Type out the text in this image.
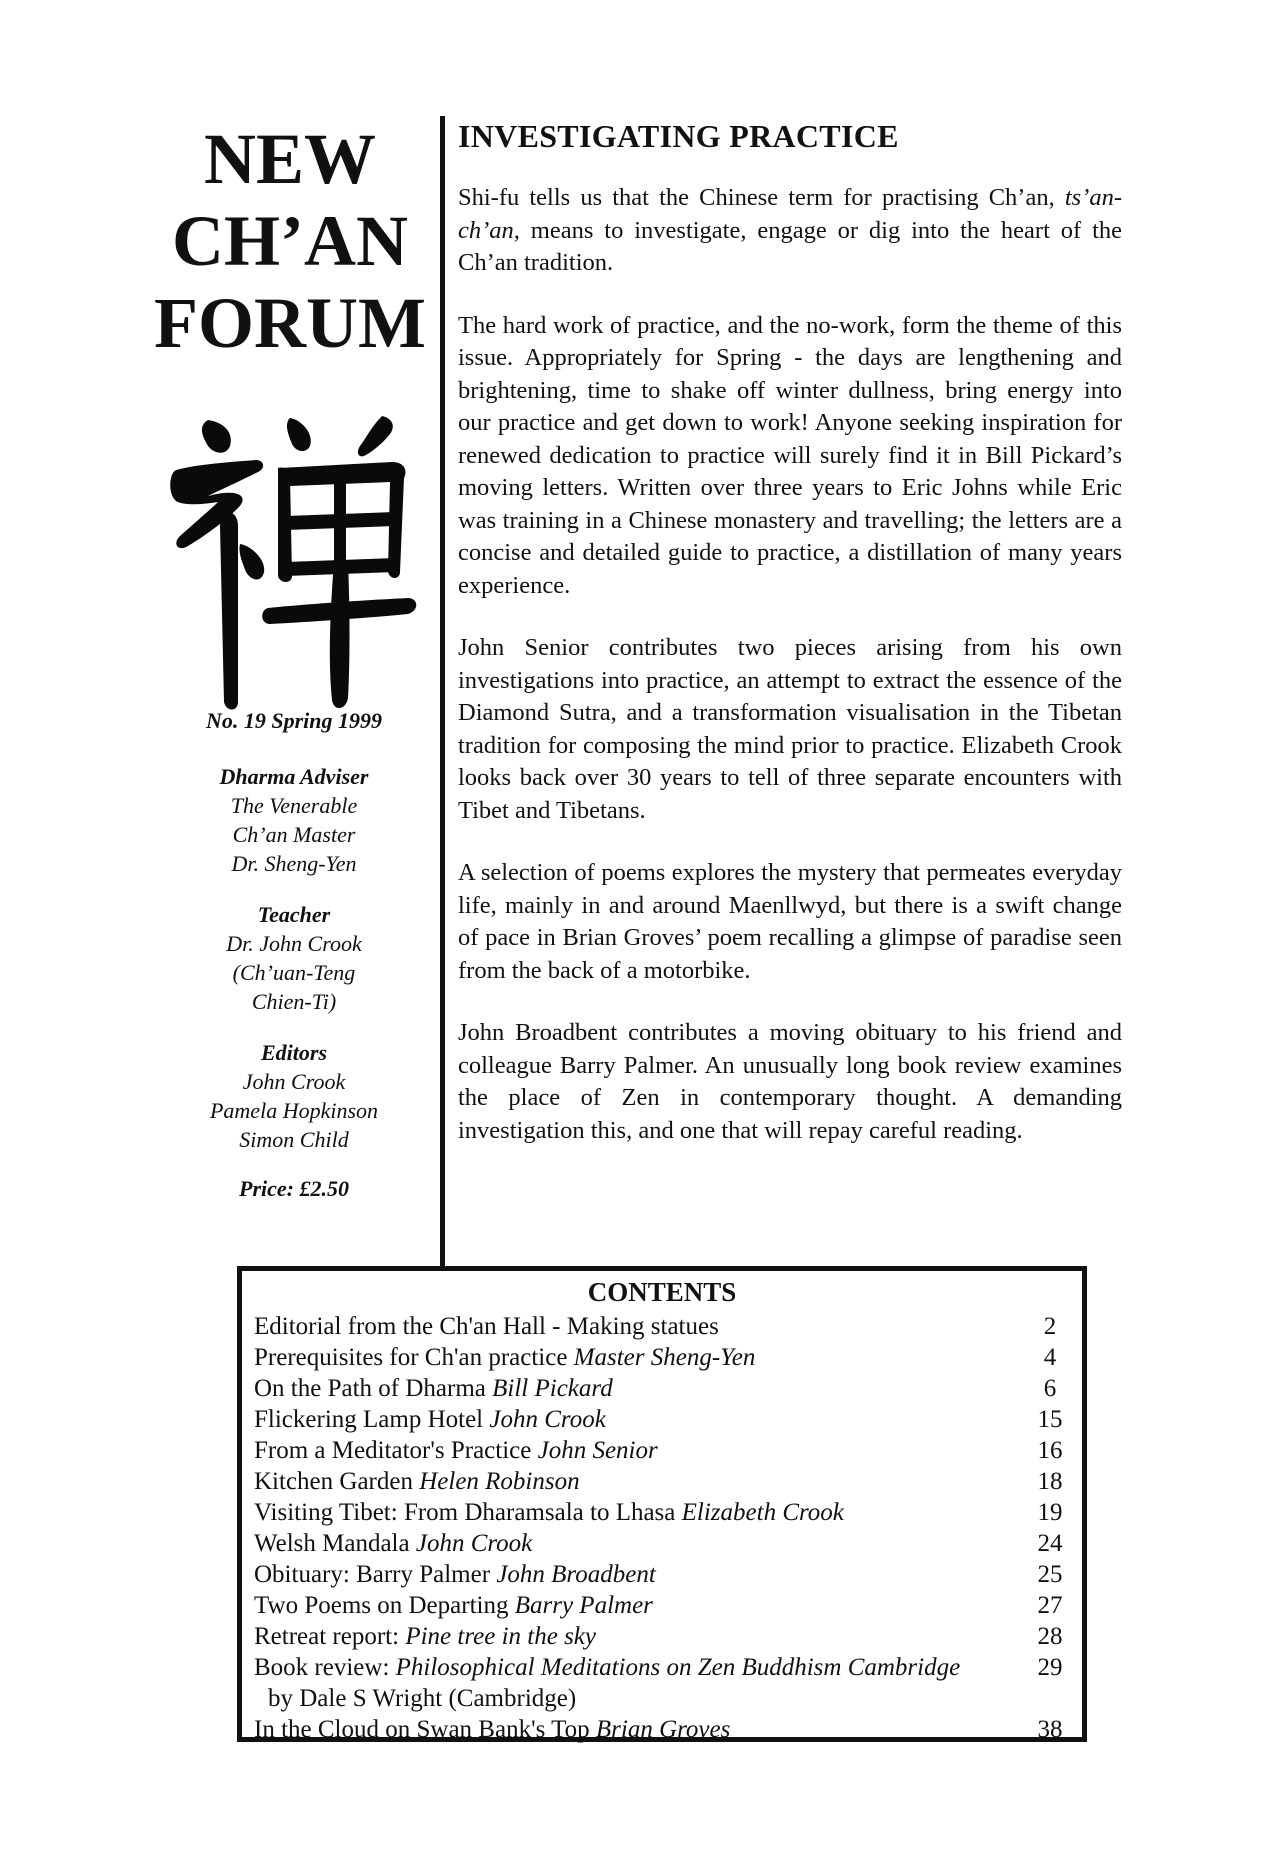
NEW
CH’AN
FORUM
No. 19 Spring 1999
Dharma Adviser
The Venerable
Ch’an Master
Dr. Sheng-Yen
Teacher
Dr. John Crook
(Ch’uan-Teng
Chien-Ti)
Editors
John Crook
Pamela Hopkinson
Simon Child
Price: £2.50
INVESTIGATING PRACTICE

Shi-fu tells us that the Chinese term for practising Ch’an, ts’an-ch’an, means to investigate, engage or dig into the heart of the Ch’an tradition.

The hard work of practice, and the no-work, form the theme of this issue. Appropriately for Spring - the days are lengthening and brightening, time to shake off winter dullness, bring energy into our practice and get down to work! Anyone seeking inspiration for renewed dedication to practice will surely find it in Bill Pickard’s moving letters. Written over three years to Eric Johns while Eric was training in a Chinese monastery and travelling; the letters are a concise and detailed guide to practice, a distillation of many years experience.

John Senior contributes two pieces arising from his own investigations into practice, an attempt to extract the essence of the Diamond Sutra, and a transformation visualisation in the Tibetan tradition for composing the mind prior to practice. Elizabeth Crook looks back over 30 years to tell of three separate encounters with Tibet and Tibetans.

A selection of poems explores the mystery that permeates everyday life, mainly in and around Maenllwyd, but there is a swift change of pace in Brian Groves’ poem recalling a glimpse of paradise seen from the back of a motorbike.

John Broadbent contributes a moving obituary to his friend and colleague Barry Palmer. An unusually long book review examines the place of Zen in contemporary thought. A demanding investigation this, and one that will repay careful reading.

CONTENTS
Editorial from the Ch'an Hall - Making statues	2
Prerequisites for Ch'an practice Master Sheng-Yen	4
On the Path of Dharma Bill Pickard	6
Flickering Lamp Hotel John Crook	15
From a Meditator's Practice John Senior	16
Kitchen Garden Helen Robinson	18
Visiting Tibet: From Dharamsala to Lhasa Elizabeth Crook	19
Welsh Mandala John Crook	24
Obituary: Barry Palmer John Broadbent	25
Two Poems on Departing Barry Palmer	27
Retreat report: Pine tree in the sky	28
Book review: Philosophical Meditations on Zen Buddhism Cambridge	29
by Dale S Wright (Cambridge)
In the Cloud on Swan Bank's Top Brian Groves	38
